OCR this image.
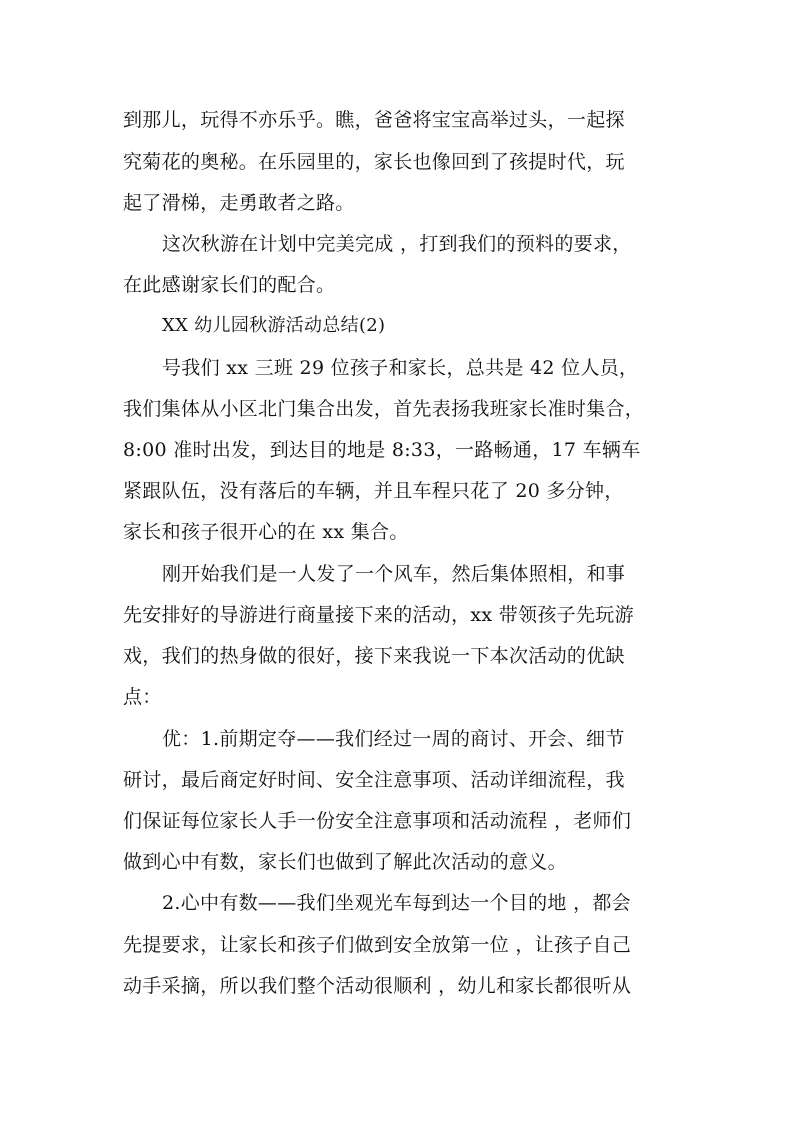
到那儿，玩得不亦乐乎。瞧，爸爸将宝宝高举过头，一起探
究菊花的奥秘。在乐园里的，家长也像回到了孩提时代，玩
起了滑梯，走勇敢者之路。
这次秋游在计划中完美完成 ，打到我们的预料的要求，
在此感谢家长们的配合。
XX 幼儿园秋游活动总结(2)
号我们 xx 三班 29 位孩子和家长，总共是 42 位人员，
我们集体从小区北门集合出发，首先表扬我班家长准时集合，
8:00 准时出发，到达目的地是 8:33，一路畅通，17 车辆车
紧跟队伍，没有落后的车辆，并且车程只花了 20 多分钟，
家长和孩子很开心的在 xx 集合。
刚开始我们是一人发了一个风车，然后集体照相，和事
先安排好的导游进行商量接下来的活动，xx 带领孩子先玩游
戏，我们的热身做的很好，接下来我说一下本次活动的优缺
点：
优：1.前期定夺——我们经过一周的商讨、开会、细节
研讨，最后商定好时间、安全注意事项、活动详细流程，我
们保证每位家长人手一份安全注意事项和活动流程 ，老师们
做到心中有数，家长们也做到了解此次活动的意义。
2.心中有数——我们坐观光车每到达一个目的地 ，都会
先提要求，让家长和孩子们做到安全放第一位 ，让孩子自己
动手采摘，所以我们整个活动很顺利 ，幼儿和家长都很听从
